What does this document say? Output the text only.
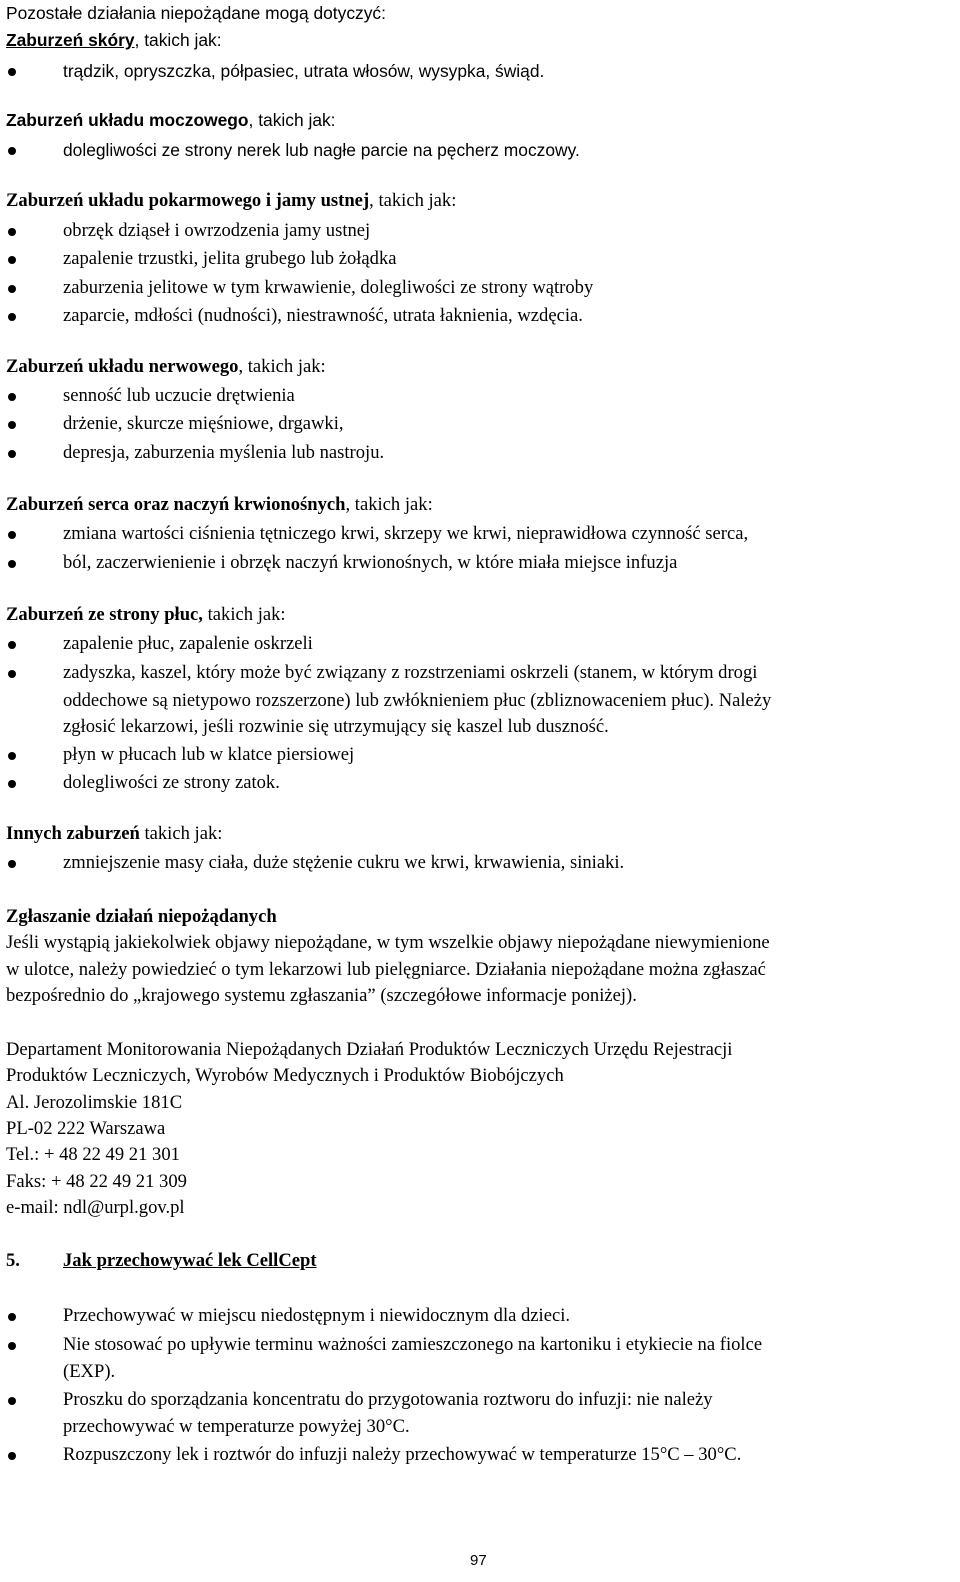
Pozostałe działania niepożądane mogą dotyczyć:
Zaburzeń skóry, takich jak:
trądzik, opryszczka, półpasiec, utrata włosów, wysypka, świąd.
Zaburzeń układu moczowego, takich jak:
dolegliwości ze strony nerek lub nagłe parcie na pęcherz moczowy.
Zaburzeń układu pokarmowego i jamy ustnej, takich jak:
obrzęk dziąseł i owrzodzenia jamy ustnej
zapalenie trzustki, jelita grubego lub żołądka
zaburzenia jelitowe w tym krwawienie, dolegliwości ze strony wątroby
zaparcie, mdłości (nudności), niestrawność, utrata łaknienia, wzdęcia.
Zaburzeń układu nerwowego, takich jak:
senność lub uczucie drętwienia
drżenie, skurcze mięśniowe, drgawki,
depresja, zaburzenia myślenia lub nastroju.
Zaburzeń serca oraz naczyń krwionośnych, takich jak:
zmiana wartości ciśnienia tętniczego krwi, skrzepy we krwi, nieprawidłowa czynność serca,
ból, zaczerwienienie i obrzęk naczyń krwionośnych, w które miała miejsce infuzja
Zaburzeń ze strony płuc, takich jak:
zapalenie płuc, zapalenie oskrzeli
zadyszka, kaszel, który może być związany z rozstrzeniami oskrzeli (stanem, w którym drogi
oddechowe są nietypowo rozszerzone) lub zwłóknieniem płuc (zbliznowaceniem płuc). Należy
zgłosić lekarzowi, jeśli rozwinie się utrzymujący się kaszel lub duszność.
płyn w płucach lub w klatce piersiowej
dolegliwości ze strony zatok.
Innych zaburzeń takich jak:
zmniejszenie masy ciała, duże stężenie cukru we krwi, krwawienia, siniaki.
Zgłaszanie działań niepożądanych
Jeśli wystąpią jakiekolwiek objawy niepożądane, w tym wszelkie objawy niepożądane niewymienione
w ulotce, należy powiedzieć o tym lekarzowi lub pielęgniarce. Działania niepożądane można zgłaszać
bezpośrednio do „krajowego systemu zgłaszania” (szczegółowe informacje poniżej).
Departament Monitorowania Niepożądanych Działań Produktów Leczniczych Urzędu Rejestracji
Produktów Leczniczych, Wyrobów Medycznych i Produktów Biobójczych
Al. Jerozolimskie 181C
PL-02 222 Warszawa
Tel.: + 48 22 49 21 301
Faks: + 48 22 49 21 309
e-mail: ndl@urpl.gov.pl
5. Jak przechowywać lek CellCept
Przechowywać w miejscu niedostępnym i niewidocznym dla dzieci.
Nie stosować po upływie terminu ważności zamieszczonego na kartoniku i etykiecie na fiolce
(EXP).
Proszku do sporządzania koncentratu do przygotowania roztworu do infuzji: nie należy
przechowywać w temperaturze powyżej 30°C.
Rozpuszczony lek i roztwór do infuzji należy przechowywać w temperaturze 15°C – 30°C.
97
